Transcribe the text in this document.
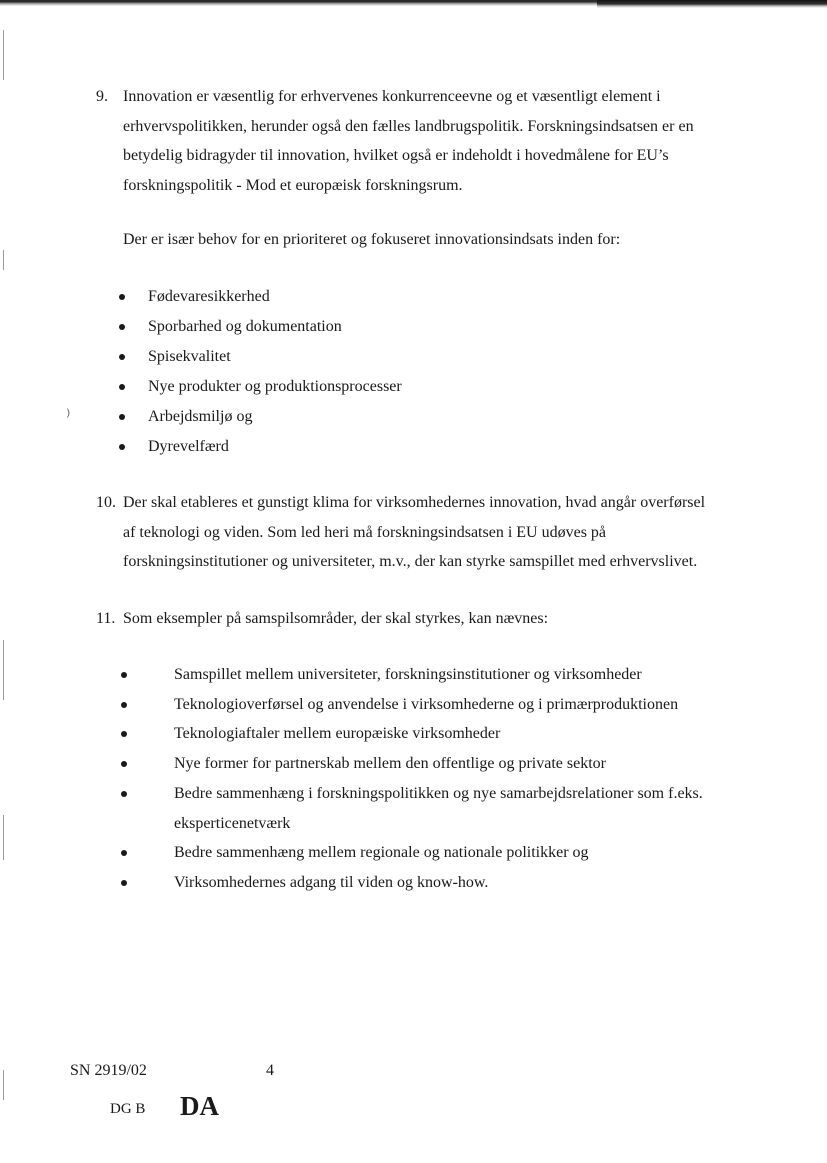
⁾
9. Innovation er væsentlig for erhvervenes konkurrenceevne og et væsentligt element i
erhvervspolitikken, herunder også den fælles landbrugspolitik. Forskningsindsatsen er en
betydelig bidragyder til innovation, hvilket også er indeholdt i hovedmålene for EU’s
forskningspolitik - Mod et europæisk forskningsrum.
Der er især behov for en prioriteret og fokuseret innovationsindsats inden for:
Fødevaresikkerhed
Sporbarhed og dokumentation
Spisekvalitet
Nye produkter og produktionsprocesser
Arbejdsmiljø og
Dyrevelfærd
10. Der skal etableres et gunstigt klima for virksomhedernes innovation, hvad angår overførsel
af teknologi og viden. Som led heri må forskningsindsatsen i EU udøves på
forskningsinstitutioner og universiteter, m.v., der kan styrke samspillet med erhvervslivet.
11. Som eksempler på samspilsområder, der skal styrkes, kan nævnes:
Samspillet mellem universiteter, forskningsinstitutioner og virksomheder
Teknologioverførsel og anvendelse i virksomhederne og i primærproduktionen
Teknologiaftaler mellem europæiske virksomheder
Nye former for partnerskab mellem den offentlige og private sektor
Bedre sammenhæng i forskningspolitikken og nye samarbejdsrelationer som f.eks. eksperticenetværk
Bedre sammenhæng mellem regionale og nationale politikker og
Virksomhedernes adgang til viden og know-how.
SN 2919/02	4
DG B DA
